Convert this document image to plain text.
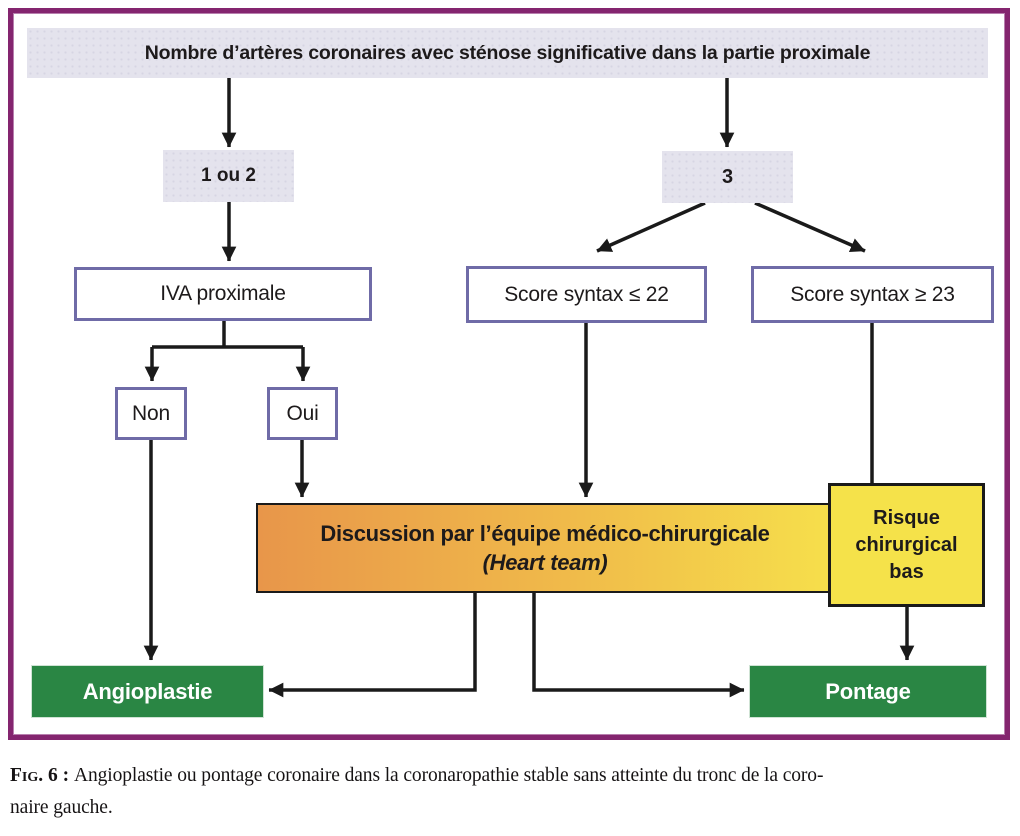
Nombre d’artères coronaires avec sténose significative dans la partie proximale
1 ou 2	3
IVA proximale
Non	Oui
Score syntax ≤ 22	Score syntax ≥ 23
Discussion par l’équipe médico-chirurgicale
(Heart team)
Risque chirurgical bas
Angioplastie	Pontage
Fig. 6 : Angioplastie ou pontage coronaire dans la coronaropathie stable sans atteinte du tronc de la coro-
naire gauche.
